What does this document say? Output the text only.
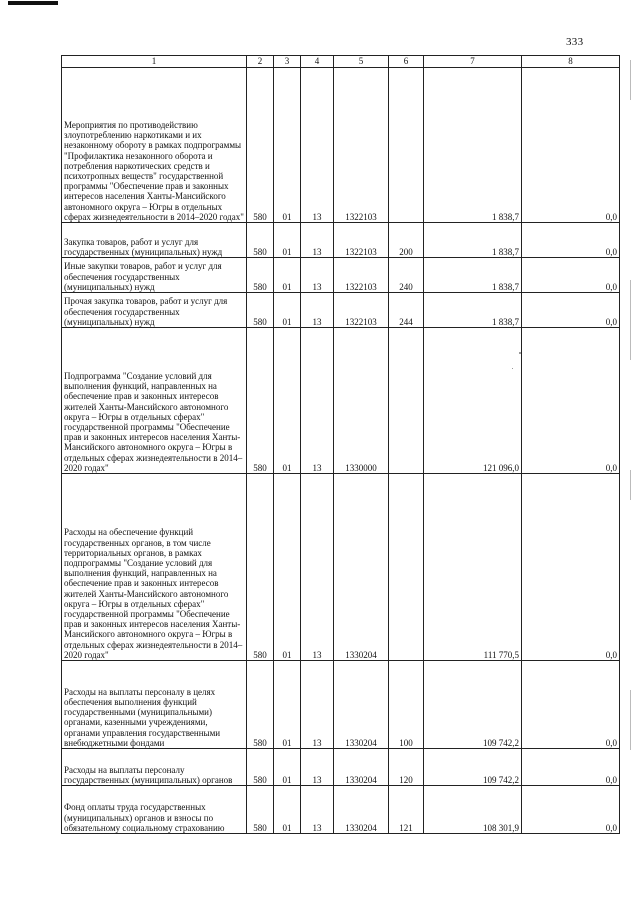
333
1	2	3	4	5	6	7	8
Мероприятия по противодействию злоупотреблению наркотиками и их незаконному обороту в рамках подпрограммы "Профилактика незаконного оборота и потребления наркотических средств и психотропных веществ" государственной программы "Обеспечение прав и законных интересов населения Ханты-Мансийского автономного округа – Югры в отдельных сферах жизнедеятельности в 2014–2020 годах"	580	01	13	1322103		1 838,7	0,0
Закупка товаров, работ и услуг для государственных (муниципальных) нужд	580	01	13	1322103	200	1 838,7	0,0
Иные закупки товаров, работ и услуг для обеспечения государственных (муниципальных) нужд	580	01	13	1322103	240	1 838,7	0,0
Прочая закупка товаров, работ и услуг для обеспечения государственных (муниципальных) нужд	580	01	13	1322103	244	1 838,7	0,0
Подпрограмма "Создание условий для выполнения функций, направленных на обеспечение прав и законных интересов жителей Ханты-Мансийского автономного округа – Югры в отдельных сферах" государственной программы "Обеспечение прав и законных интересов населения Ханты-Мансийского автономного округа – Югры в отдельных сферах жизнедеятельности в 2014–2020 годах"	580	01	13	1330000		121 096,0	0,0
Расходы на обеспечение функций государственных органов, в том числе территориальных органов, в рамках подпрограммы "Создание условий для выполнения функций, направленных на обеспечение прав и законных интересов жителей Ханты-Мансийского автономного округа – Югры в отдельных сферах" государственной программы "Обеспечение прав и законных интересов населения Ханты-Мансийского автономного округа – Югры в отдельных сферах жизнедеятельности в 2014–2020 годах"	580	01	13	1330204		111 770,5	0,0
Расходы на выплаты персоналу в целях обеспечения выполнения функций государственными (муниципальными) органами, казенными учреждениями, органами управления государственными внебюджетными фондами	580	01	13	1330204	100	109 742,2	0,0
Расходы на выплаты персоналу государственных (муниципальных) органов	580	01	13	1330204	120	109 742,2	0,0
Фонд оплаты труда государственных (муниципальных) органов и взносы по обязательному социальному страхованию	580	01	13	1330204	121	108 301,9	0,0
